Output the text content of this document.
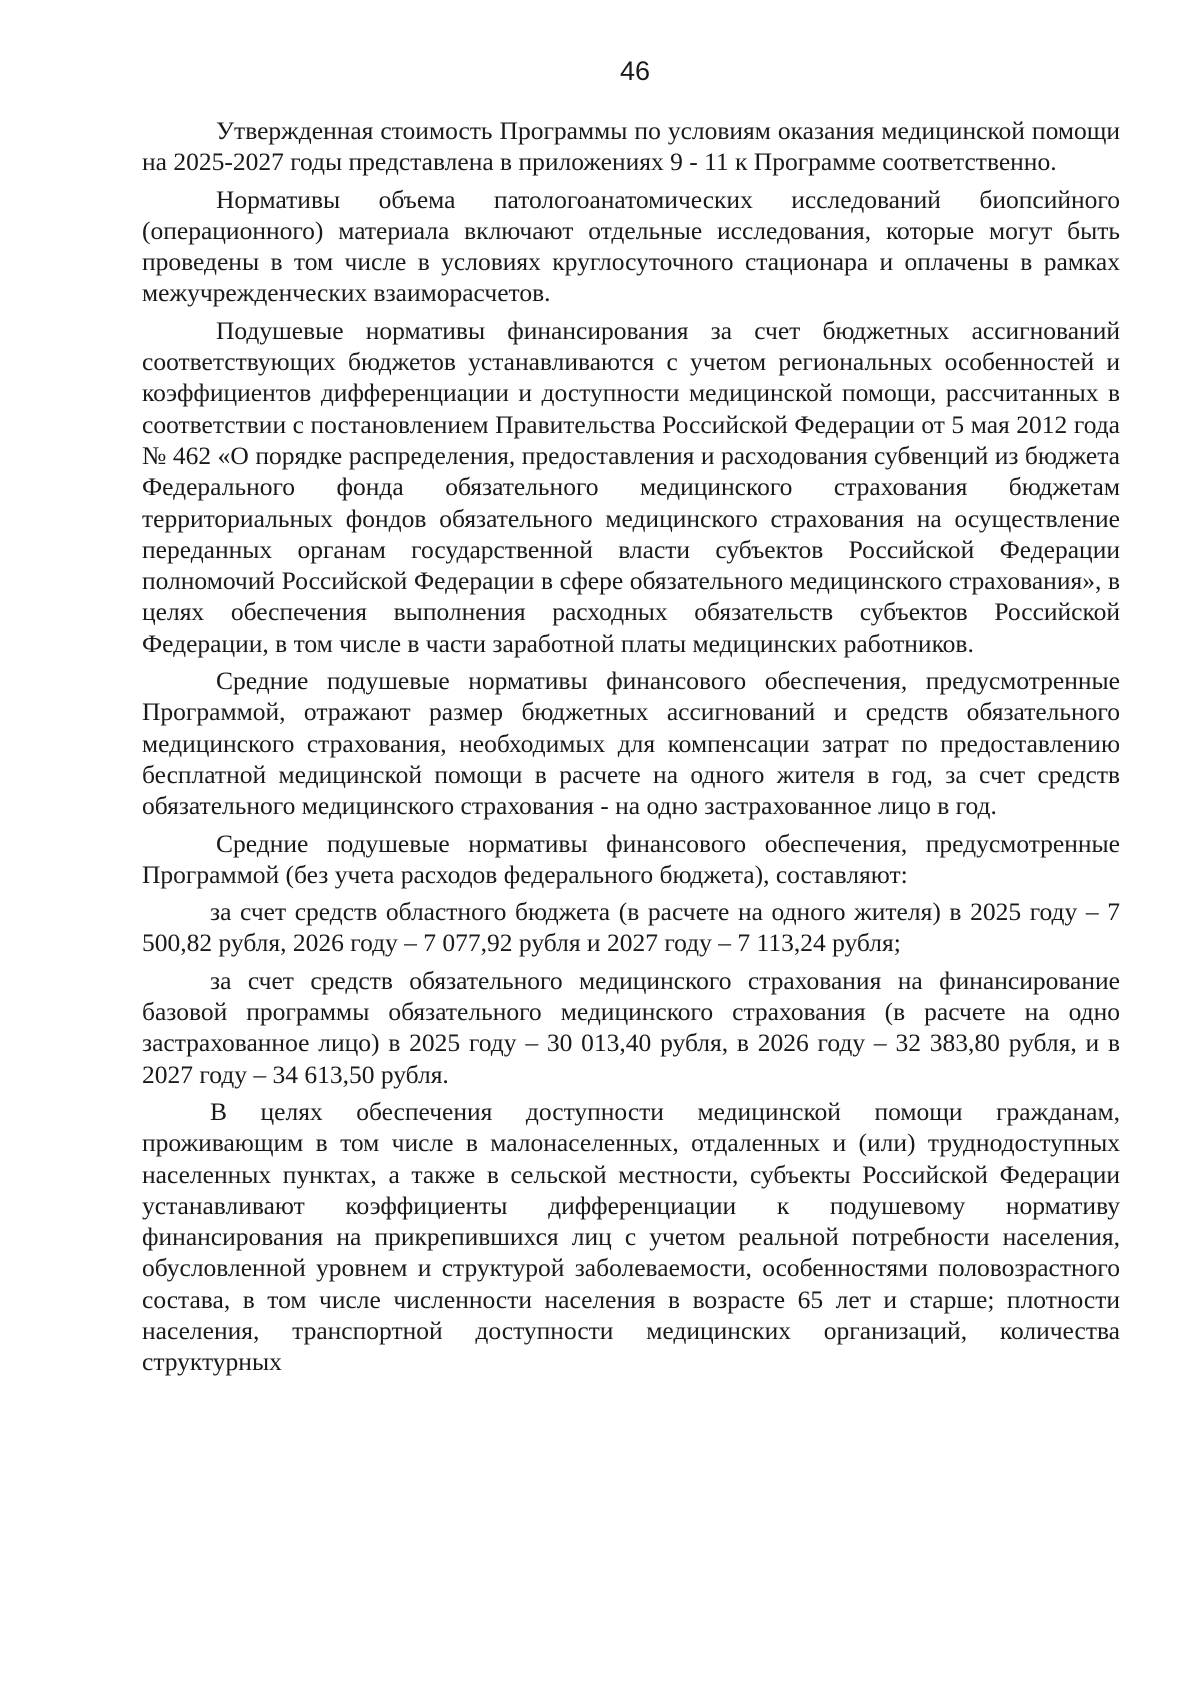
46

Утвержденная стоимость Программы по условиям оказания медицинской помощи на 2025-2027 годы представлена в приложениях 9 - 11 к Программе соответственно.

Нормативы объема патологоанатомических исследований биопсийного (операционного) материала включают отдельные исследования, которые могут быть проведены в том числе в условиях круглосуточного стационара и оплачены в рамках межучрежденческих взаиморасчетов.

Подушевые нормативы финансирования за счет бюджетных ассигнований соответствующих бюджетов устанавливаются с учетом региональных особенностей и коэффициентов дифференциации и доступности медицинской помощи, рассчитанных в соответствии с постановлением Правительства Российской Федерации от 5 мая 2012 года № 462 «О порядке распределения, предоставления и расходования субвенций из бюджета Федерального фонда обязательного медицинского страхования бюджетам территориальных фондов обязательного медицинского страхования на осуществление переданных органам государственной власти субъектов Российской Федерации полномочий Российской Федерации в сфере обязательного медицинского страхования», в целях обеспечения выполнения расходных обязательств субъектов Российской Федерации, в том числе в части заработной платы медицинских работников.

Средние подушевые нормативы финансового обеспечения, предусмотренные Программой, отражают размер бюджетных ассигнований и средств обязательного медицинского страхования, необходимых для компенсации затрат по предоставлению бесплатной медицинской помощи в расчете на одного жителя в год, за счет средств обязательного медицинского страхования - на одно застрахованное лицо в год.

Средние подушевые нормативы финансового обеспечения, предусмотренные Программой (без учета расходов федерального бюджета), составляют:

за счет средств областного бюджета (в расчете на одного жителя) в 2025 году – 7 500,82 рубля, 2026 году – 7 077,92 рубля и 2027 году – 7 113,24 рубля;

за счет средств обязательного медицинского страхования на финансирование базовой программы обязательного медицинского страхования (в расчете на одно застрахованное лицо) в 2025 году – 30 013,40 рубля, в 2026 году – 32 383,80 рубля, и в 2027 году – 34 613,50 рубля.

В целях обеспечения доступности медицинской помощи гражданам, проживающим в том числе в малонаселенных, отдаленных и (или) труднодоступных населенных пунктах, а также в сельской местности, субъекты Российской Федерации устанавливают коэффициенты дифференциации к подушевому нормативу финансирования на прикрепившихся лиц с учетом реальной потребности населения, обусловленной уровнем и структурой заболеваемости, особенностями половозрастного состава, в том числе численности населения в возрасте 65 лет и старше; плотности населения, транспортной доступности медицинских организаций, количества структурных
